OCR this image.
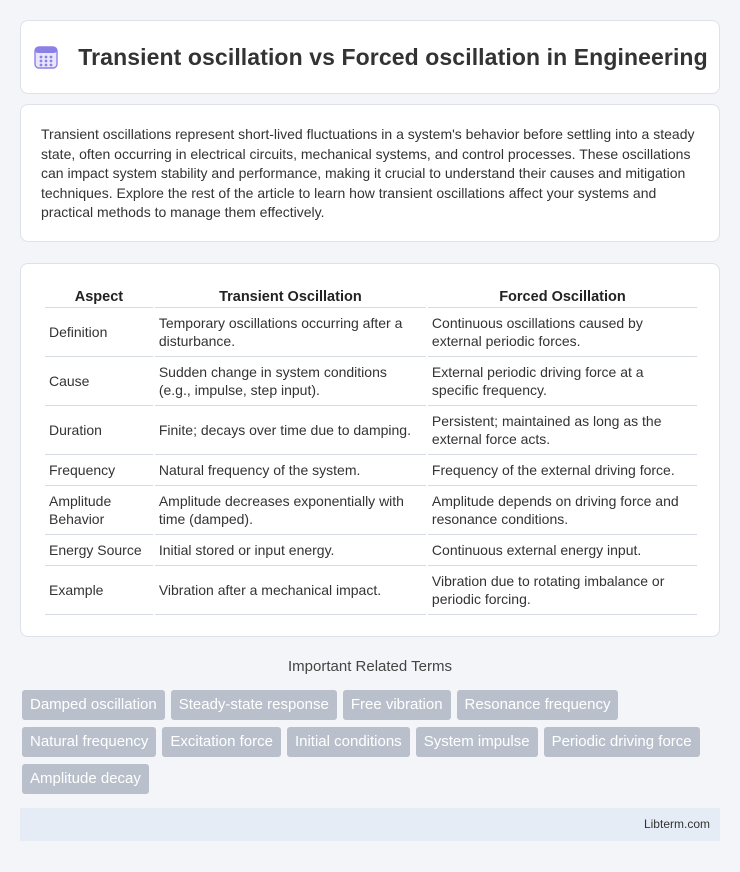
Transient oscillation vs Forced oscillation in Engineering

Transient oscillations represent short-lived fluctuations in a system's behavior before settling into a steady state, often occurring in electrical circuits, mechanical systems, and control processes. These oscillations can impact system stability and performance, making it crucial to understand their causes and mitigation techniques. Explore the rest of the article to learn how transient oscillations affect your systems and practical methods to manage them effectively.

Aspect	Transient Oscillation	Forced Oscillation
Definition	Temporary oscillations occurring after a disturbance.	Continuous oscillations caused by external periodic forces.
Cause	Sudden change in system conditions (e.g., impulse, step input).	External periodic driving force at a specific frequency.
Duration	Finite; decays over time due to damping.	Persistent; maintained as long as the external force acts.
Frequency	Natural frequency of the system.	Frequency of the external driving force.
Amplitude Behavior	Amplitude decreases exponentially with time (damped).	Amplitude depends on driving force and resonance conditions.
Energy Source	Initial stored or input energy.	Continuous external energy input.
Example	Vibration after a mechanical impact.	Vibration due to rotating imbalance or periodic forcing.
Important Related Terms
Damped oscillation	Steady-state response	Free vibration	Resonance frequency
Natural frequency	Excitation force	Initial conditions	System impulse	Periodic driving force
Amplitude decay
Libterm.com
